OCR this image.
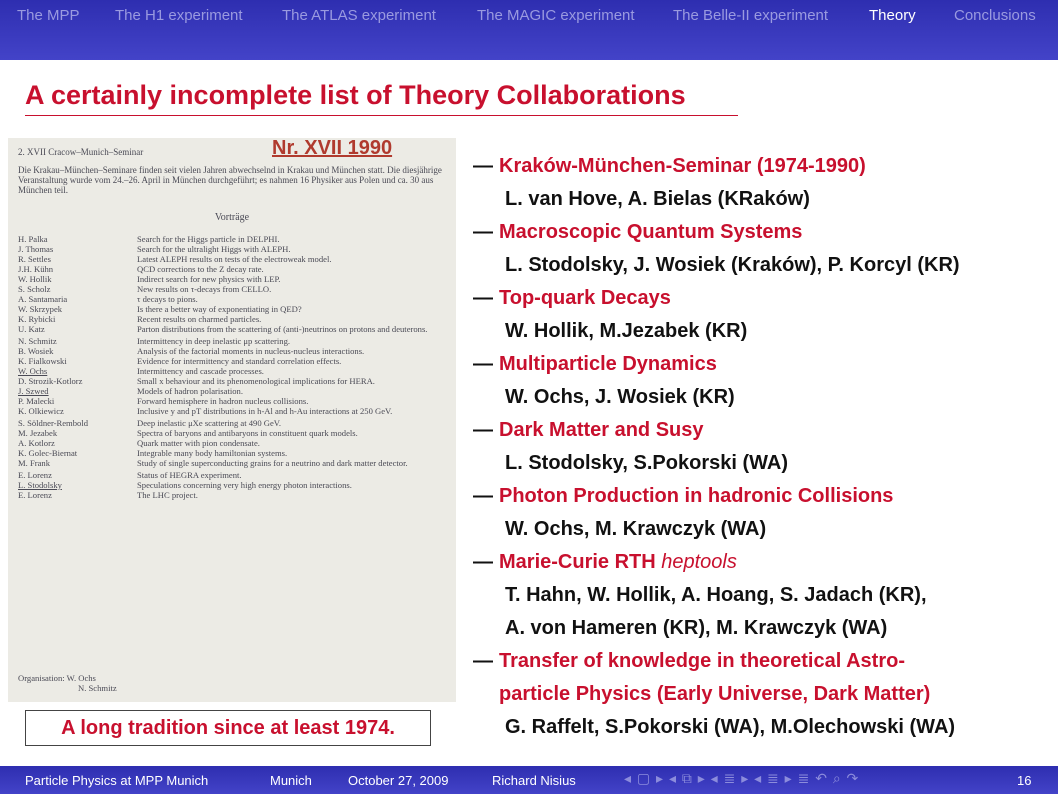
The MPP The H1 experiment	The ATLAS experiment	The MAGIC experiment	The Belle-II experiment	Theory	Conclusions
A certainly incomplete list of Theory Collaborations
2. XVII Cracow–Munich–Seminar
Die Krakau–München–Seminare finden seit vielen Jahren abwechselnd in Krakau und München statt. Die diesjährige Veranstaltung wurde vom 24.–26. April in München durchgeführt; es nahmen 16 Physiker aus Polen und ca. 30 aus München teil.
Vorträge
H. Palka	Search for the Higgs particle in DELPHI.
J. Thomas	Search for the ultralight Higgs with ALEPH.
R. Settles	Latest ALEPH results on tests of the electroweak model.
J.H. Kühn	QCD corrections to the Z decay rate.
W. Hollik	Indirect search for new physics with LEP.
S. Scholz	New results on τ-decays from CELLO.
A. Santamaria	τ decays to pions.
W. Skrzypek	Is there a better way of exponentiating in QED?
K. Rybicki	Recent results on charmed particles.
U. Katz	Parton distributions from the scattering of (anti-)neutrinos on protons and deuterons.
N. Schmitz	Intermittency in deep inelastic μp scattering.
B. Wosiek	Analysis of the factorial moments in nucleus-nucleus interactions.
K. Fialkowski	Evidence for intermittency and standard correlation effects.
W. Ochs	Intermittency and cascade processes.
D. Strozik-Kotlorz	Small x behaviour and its phenomenological implications for HERA.
J. Szwed	Models of hadron polarisation.
P. Malecki	Forward hemisphere in hadron nucleus collisions.
K. Olkiewicz	Inclusive y and pT distributions in h-Al and h-Au interactions at 250 GeV.
S. Söldner-Rembold	Deep inelastic μXe scattering at 490 GeV.
M. Jezabek	Spectra of baryons and antibaryons in constituent quark models.
A. Kotlorz	Quark matter with pion condensate.
K. Golec-Biernat	Integrable many body hamiltonian systems.
M. Frank	Study of single superconducting grains for a neutrino and dark matter detector.
E. Lorenz	Status of HEGRA experiment.
L. Stodolsky	Speculations concerning very high energy photon interactions.
E. Lorenz	The LHC project.
Organisation: W. Ochs
N. Schmitz
Nr. XVII 1990
A long tradition since at least 1974.
— Kraków-München-Seminar (1974-1990)
L. van Hove, A. Bielas (KRaków)
— Macroscopic Quantum Systems
L. Stodolsky, J. Wosiek (Kraków), P. Korcyl (KR)
— Top-quark Decays
W. Hollik, M.Jezabek (KR)
— Multiparticle Dynamics
W. Ochs, J. Wosiek (KR)
— Dark Matter and Susy
L. Stodolsky, S.Pokorski (WA)
— Photon Production in hadronic Collisions
W. Ochs, M. Krawczyk (WA)
— Marie-Curie RTH heptools
T. Hahn, W. Hollik, A. Hoang, S. Jadach (KR),
A. von Hameren (KR), M. Krawczyk (WA)
— Transfer of knowledge in theoretical Astro-
particle Physics (Early Universe, Dark Matter)
G. Raffelt, S.Pokorski (WA), M.Olechowski (WA)
Particle Physics at MPP Munich	Munich	October 27, 2009	Richard Nisius	◂ ▢ ▸ ◂ ⧉ ▸ ◂ ≣ ▸ ◂ ≣ ▸ ≣ ↶ ⌕ ↷	16
